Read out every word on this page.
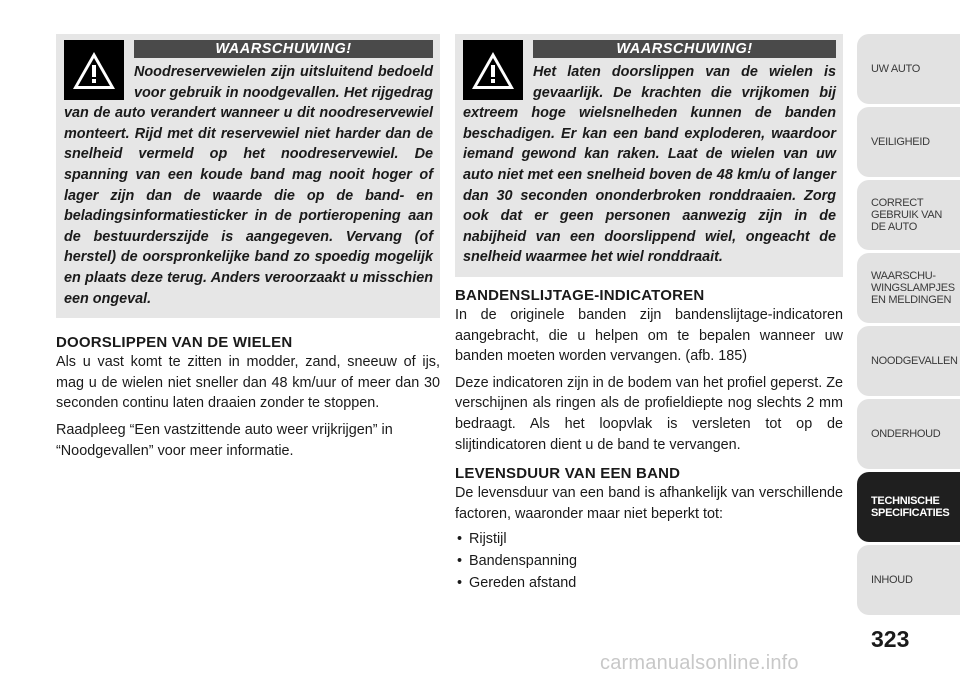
WAARSCHUWING!

Noodreservewielen zijn uitsluitend bedoeld voor gebruik in noodgevallen. Het rijgedrag van de auto verandert wanneer u dit noodreservewiel monteert. Rijd met dit reservewiel niet harder dan de snelheid vermeld op het noodreservewiel. De spanning van een koude band mag nooit hoger of lager zijn dan de waarde die op de band- en beladingsinformatiesticker in de portieropening aan de bestuurderszijde is aangegeven. Vervang (of herstel) de oorspronkelijke band zo spoedig mogelijk en plaats deze terug. Anders veroorzaakt u misschien een ongeval.

DOORSLIPPEN VAN DE WIELEN

Als u vast komt te zitten in modder, zand, sneeuw of ijs, mag u de wielen niet sneller dan 48 km/uur of meer dan 30 seconden continu laten draaien zonder te stoppen.

Raadpleeg “Een vastzittende auto weer vrijkrijgen” in “Noodgevallen” voor meer informatie.

WAARSCHUWING!

Het laten doorslippen van de wielen is gevaarlijk. De krachten die vrijkomen bij extreem hoge wielsnelheden kunnen de banden beschadigen. Er kan een band exploderen, waardoor iemand gewond kan raken. Laat de wielen van uw auto niet met een snelheid boven de 48 km/u of langer dan 30 seconden ononderbroken ronddraaien. Zorg ook dat er geen personen aanwezig zijn in de nabijheid van een doorslippend wiel, ongeacht de snelheid waarmee het wiel ronddraait.

BANDENSLIJTAGE-INDICATOREN

In de originele banden zijn bandenslijtage-indicatoren aangebracht, die u helpen om te bepalen wanneer uw banden moeten worden vervangen. (afb. 185)

Deze indicatoren zijn in de bodem van het profiel geperst. Ze verschijnen als ringen als de profieldiepte nog slechts 2 mm bedraagt. Als het loopvlak is versleten tot op de slijtindicatoren dient u de band te vervangen.

LEVENSDUUR VAN EEN BAND

De levensduur van een band is afhankelijk van verschillende factoren, waaronder maar niet beperkt tot:

• Rijstijl
• Bandenspanning
• Gereden afstand
UW AUTO
VEILIGHEID
CORRECT
GEBRUIK VAN
DE AUTO
WAARSCHU-
WINGSLAMPJES
EN MELDINGEN
NOODGEVALLEN
ONDERHOUD
TECHNISCHE
SPECIFICATIES
INHOUD
323
carmanualsonline.info
